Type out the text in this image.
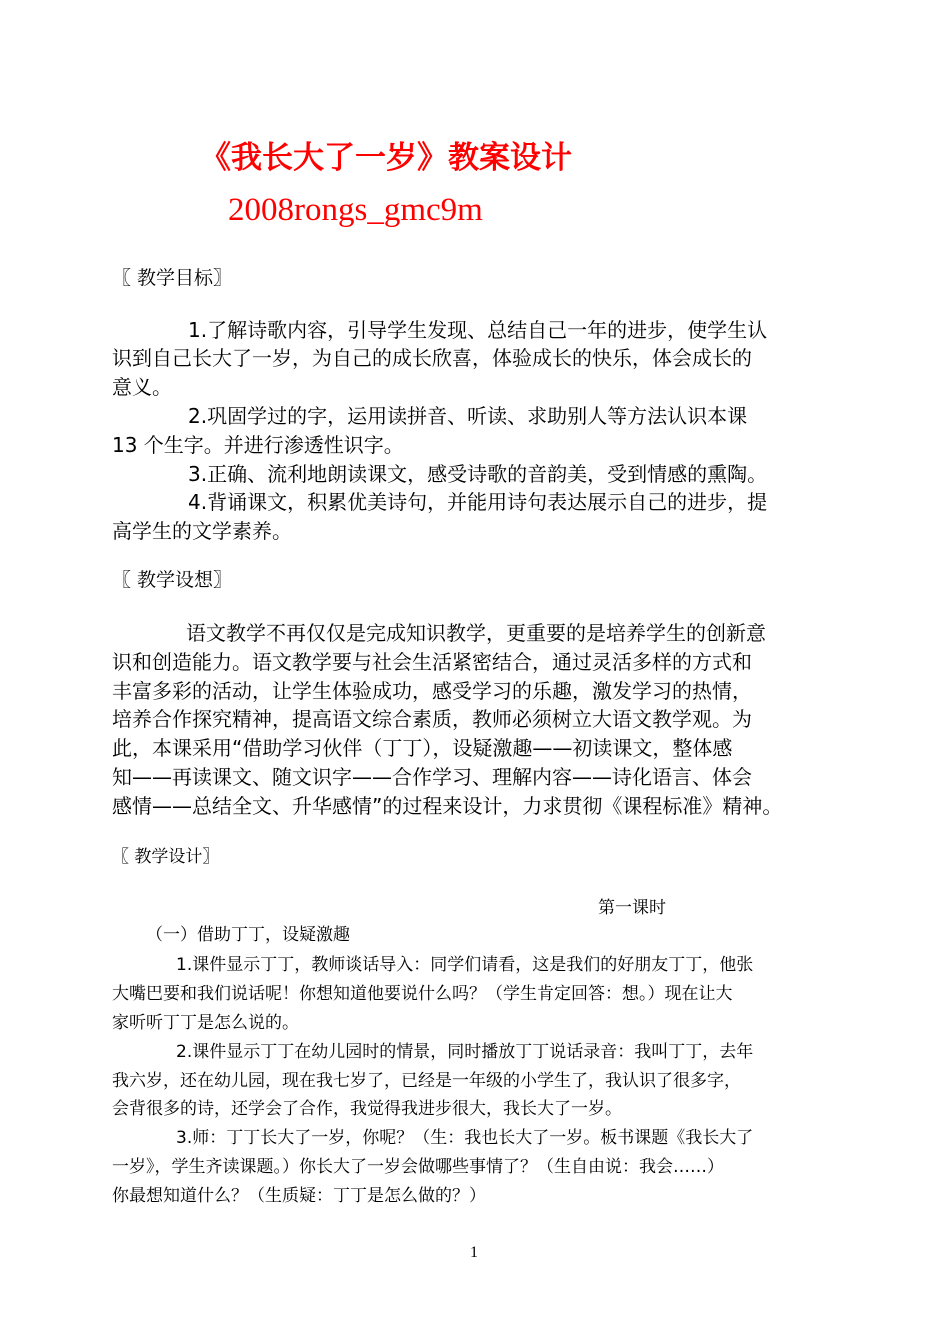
《我长大了一岁》教案设计
2008rongs_gmc9m
〖 教学目标〗
1.了解诗歌内容，引导学生发现、总结自己一年的进步，使学生认
识到自己长大了一岁，为自己的成长欣喜，体验成长的快乐，体会成长的
意义。
2.巩固学过的字，运用读拼音、听读、求助别人等方法认识本课
13 个生字。并进行渗透性识字。
3.正确、流利地朗读课文，感受诗歌的音韵美，受到情感的熏陶。
4.背诵课文，积累优美诗句，并能用诗句表达展示自己的进步，提
高学生的文学素养。
〖 教学设想〗
语文教学不再仅仅是完成知识教学，更重要的是培养学生的创新意
识和创造能力。语文教学要与社会生活紧密结合，通过灵活多样的方式和
丰富多彩的活动，让学生体验成功，感受学习的乐趣，激发学习的热情，
培养合作探究精神，提高语文综合素质，教师必须树立大语文教学观。为
此，本课采用“借助学习伙伴（丁丁），设疑激趣——初读课文，整体感
知——再读课文、随文识字——合作学习、理解内容——诗化语言、体会
感情——总结全文、升华感情”的过程来设计，力求贯彻《课程标准》精神。
〖 教学设计〗
第一课时
（一）借助丁丁，设疑激趣
1.课件显示丁丁，教师谈话导入：同学们请看，这是我们的好朋友丁丁，他张
大嘴巴要和我们说话呢！你想知道他要说什么吗？（学生肯定回答：想。）现在让大
家听听丁丁是怎么说的。
2.课件显示丁丁在幼儿园时的情景，同时播放丁丁说话录音：我叫丁丁，去年
我六岁，还在幼儿园，现在我七岁了，已经是一年级的小学生了，我认识了很多字，
会背很多的诗，还学会了合作，我觉得我进步很大，我长大了一岁。
3.师：丁丁长大了一岁，你呢？（生：我也长大了一岁。板书课题《我长大了
一岁》，学生齐读课题。）你长大了一岁会做哪些事情了？（生自由说：我会……）
你最想知道什么？（生质疑：丁丁是怎么做的？）
1
